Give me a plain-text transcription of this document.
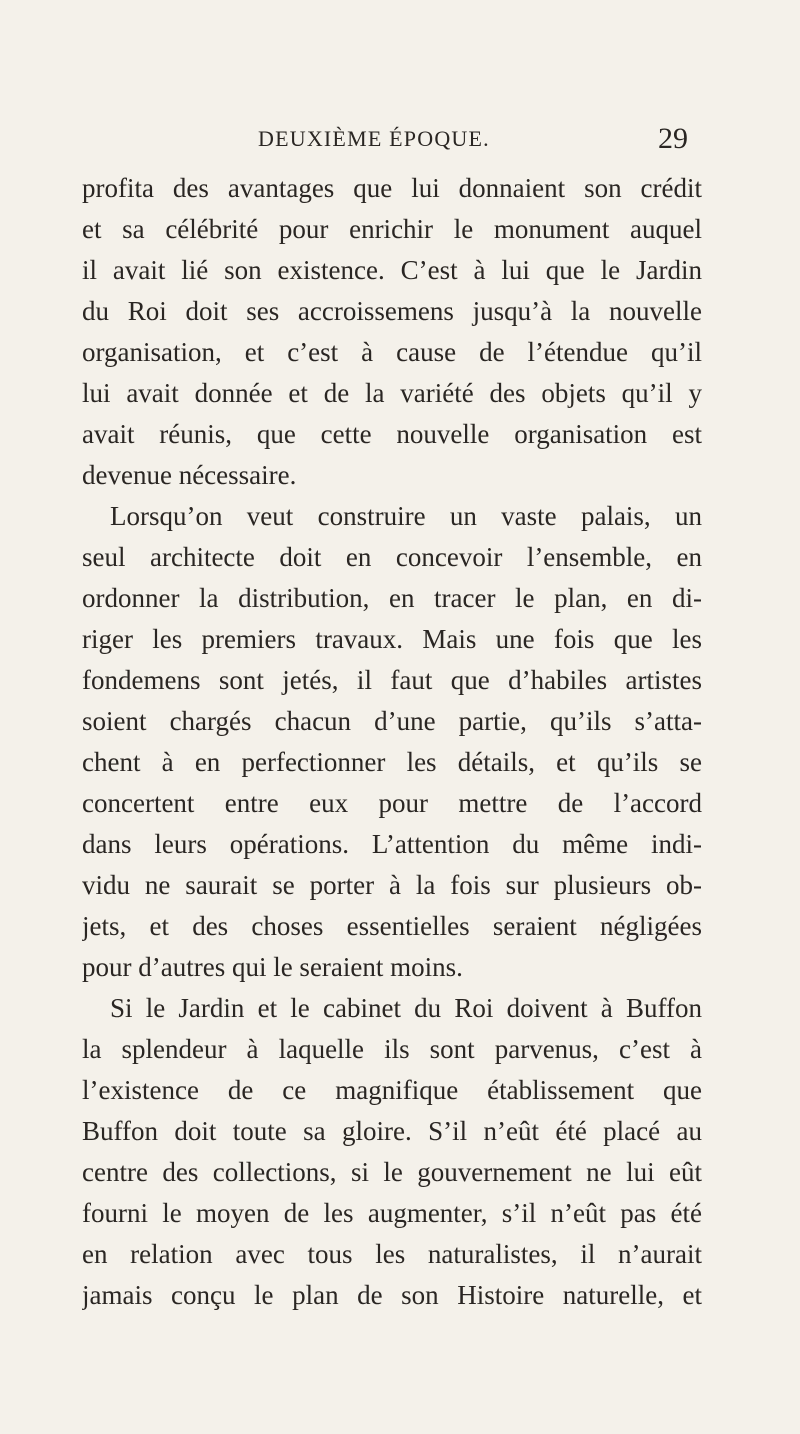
DEUXIÈME ÉPOQUE.	29
profita des avantages que lui donnaient son crédit
et sa célébrité pour enrichir le monument auquel
il avait lié son existence. C’est à lui que le Jardin
du Roi doit ses accroissemens jusqu’à la nouvelle
organisation, et c’est à cause de l’étendue qu’il
lui avait donnée et de la variété des objets qu’il y
avait réunis, que cette nouvelle organisation est
devenue nécessaire.
Lorsqu’on veut construire un vaste palais, un
seul architecte doit en concevoir l’ensemble, en
ordonner la distribution, en tracer le plan, en di-
riger les premiers travaux. Mais une fois que les
fondemens sont jetés, il faut que d’habiles artistes
soient chargés chacun d’une partie, qu’ils s’atta-
chent à en perfectionner les détails, et qu’ils se
concertent entre eux pour mettre de l’accord
dans leurs opérations. L’attention du même indi-
vidu ne saurait se porter à la fois sur plusieurs ob-
jets, et des choses essentielles seraient négligées
pour d’autres qui le seraient moins.
Si le Jardin et le cabinet du Roi doivent à Buffon
la splendeur à laquelle ils sont parvenus, c’est à
l’existence de ce magnifique établissement que
Buffon doit toute sa gloire. S’il n’eût été placé au
centre des collections, si le gouvernement ne lui eût
fourni le moyen de les augmenter, s’il n’eût pas été
en relation avec tous les naturalistes, il n’aurait
jamais conçu le plan de son Histoire naturelle, et
